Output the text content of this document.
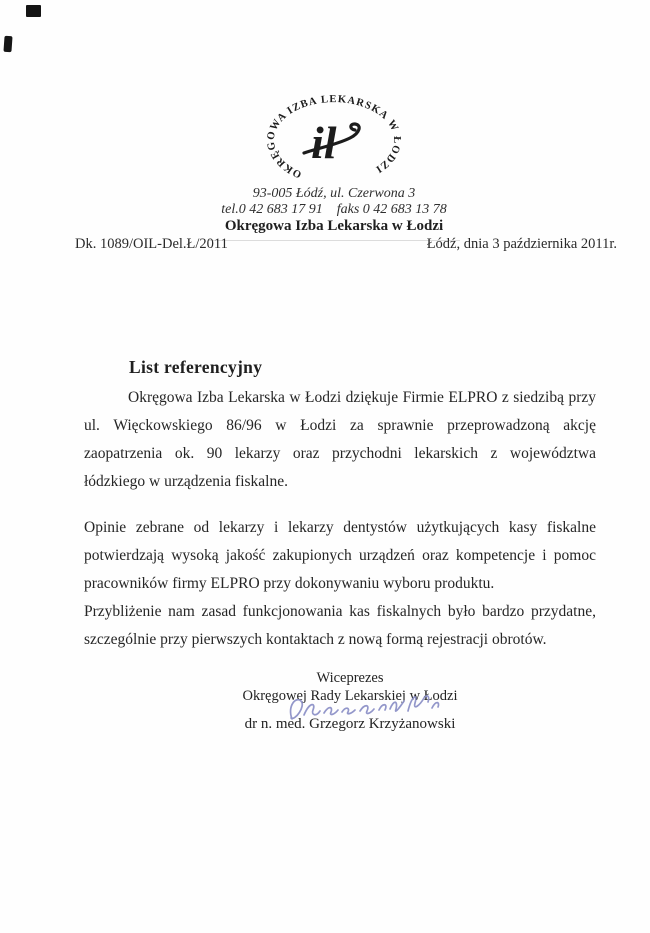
OKRĘGOWA IZBA LEKARSKA W ŁODZI
il
93-005 Łódź, ul. Czerwona 3
tel.0 42 683 17 91 faks 0 42 683 13 78
Okręgowa Izba Lekarska w Łodzi
Dk. 1089/OIL-Del.Ł/2011	Łódź, dnia 3 października 2011r.
List referencyjny
Okręgowa Izba Lekarska w Łodzi dziękuje Firmie ELPRO z siedzibą przy
ul. Więckowskiego 86/96 w Łodzi za sprawnie przeprowadzoną akcję
zaopatrzenia ok. 90 lekarzy oraz przychodni lekarskich z województwa
łódzkiego w urządzenia fiskalne.
Opinie zebrane od lekarzy i lekarzy dentystów użytkujących kasy fiskalne
potwierdzają wysoką jakość zakupionych urządzeń oraz kompetencje i pomoc
pracowników firmy ELPRO przy dokonywaniu wyboru produktu.
Przybliżenie nam zasad funkcjonowania kas fiskalnych było bardzo przydatne,
szczególnie przy pierwszych kontaktach z nową formą rejestracji obrotów.
Wiceprezes
Okręgowej Rady Lekarskiej w Łodzi
dr n. med. Grzegorz Krzyżanowski
